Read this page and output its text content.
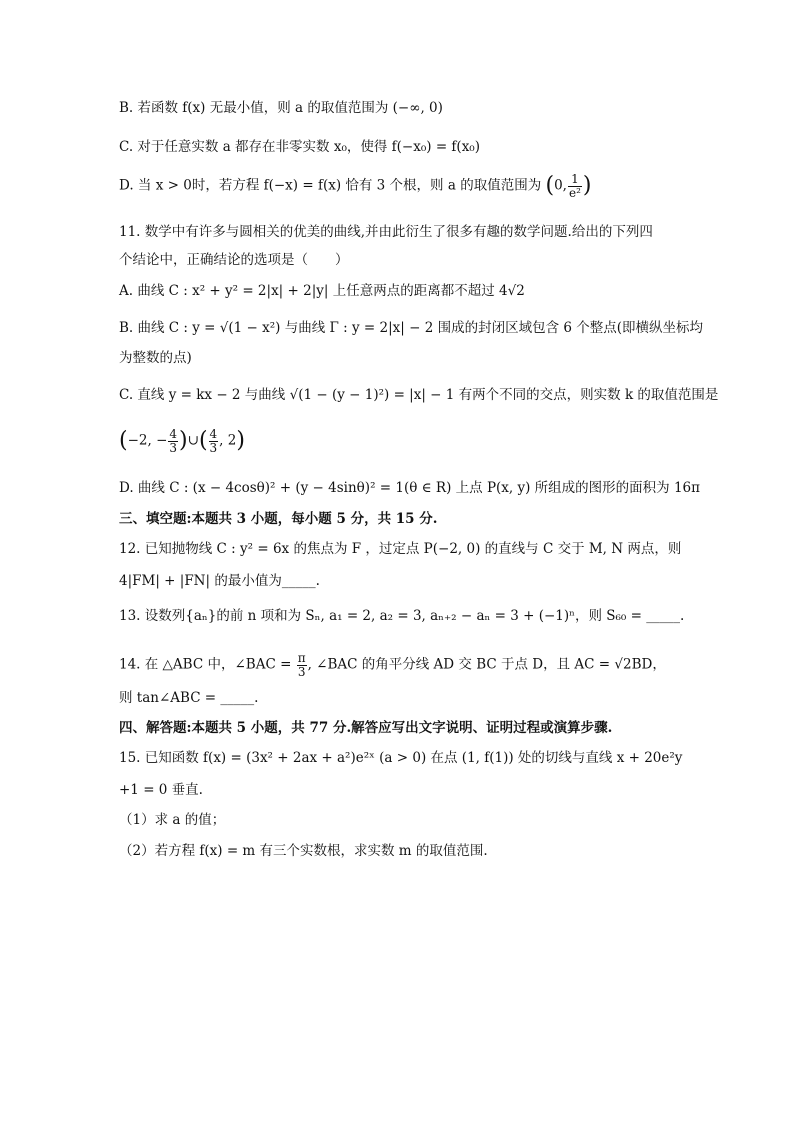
B. 若函数 f(x) 无最小值，则 a 的取值范围为 (−∞, 0)
C. 对于任意实数 a 都存在非零实数 x₀，使得 f(−x₀) = f(x₀)
D. 当 x > 0时，若方程 f(−x) = f(x) 恰有 3 个根，则 a 的取值范围为 (0, $\frac{1}{\text{e²}}$ )
11. 数学中有许多与圆相关的优美的曲线,并由此衍生了很多有趣的数学问题.给出的下列四
个结论中，正确结论的选项是（　　）
A. 曲线 C : x² + y² = 2|x| + 2|y| 上任意两点的距离都不超过 4√2
B. 曲线 C : y = √(1 − x²) 与曲线 Γ : y = 2|x| − 2 围成的封闭区域包含 6 个整点(即横纵坐标均
为整数的点)
C. 直线 y = kx − 2 与曲线 √(1 − (y − 1)²) = |x| − 1 有两个不同的交点，则实数 k 的取值范围是
(−2, − $\frac{4}{3}$ )∪( $\frac{4}{3}$ , 2)
D. 曲线 C : (x − 4cosθ)² + (y − 4sinθ)² = 1(θ ∈ R) 上点 P(x, y) 所组成的图形的面积为 16π
三、填空题:本题共 3 小题，每小题 5 分，共 15 分.
12. 已知抛物线 C : y² = 6x 的焦点为 F ，过定点 P(−2, 0) 的直线与 C 交于 M, N 两点，则
4|FM| + |FN| 的最小值为_____.
13. 设数列{aₙ}的前 n 项和为 Sₙ, a₁ = 2, a₂ = 3, aₙ₊₂ − aₙ = 3 + (−1)ⁿ，则 S₆₀ = _____.
14. 在 △ABC 中，∠BAC = $\frac{\pi}{3}$ , ∠BAC 的角平分线 AD 交 BC 于点 D，且 AC = √2BD，
则 tan∠ABC = _____.
四、解答题:本题共 5 小题，共 77 分.解答应写出文字说明、证明过程或演算步骤.
15. 已知函数 f(x) = (3x² + 2ax + a²)e²ˣ (a > 0) 在点 (1, f(1)) 处的切线与直线 x + 20e²y
+1 = 0 垂直.
（1）求 a 的值；
（2）若方程 f(x) = m 有三个实数根，求实数 m 的取值范围.
